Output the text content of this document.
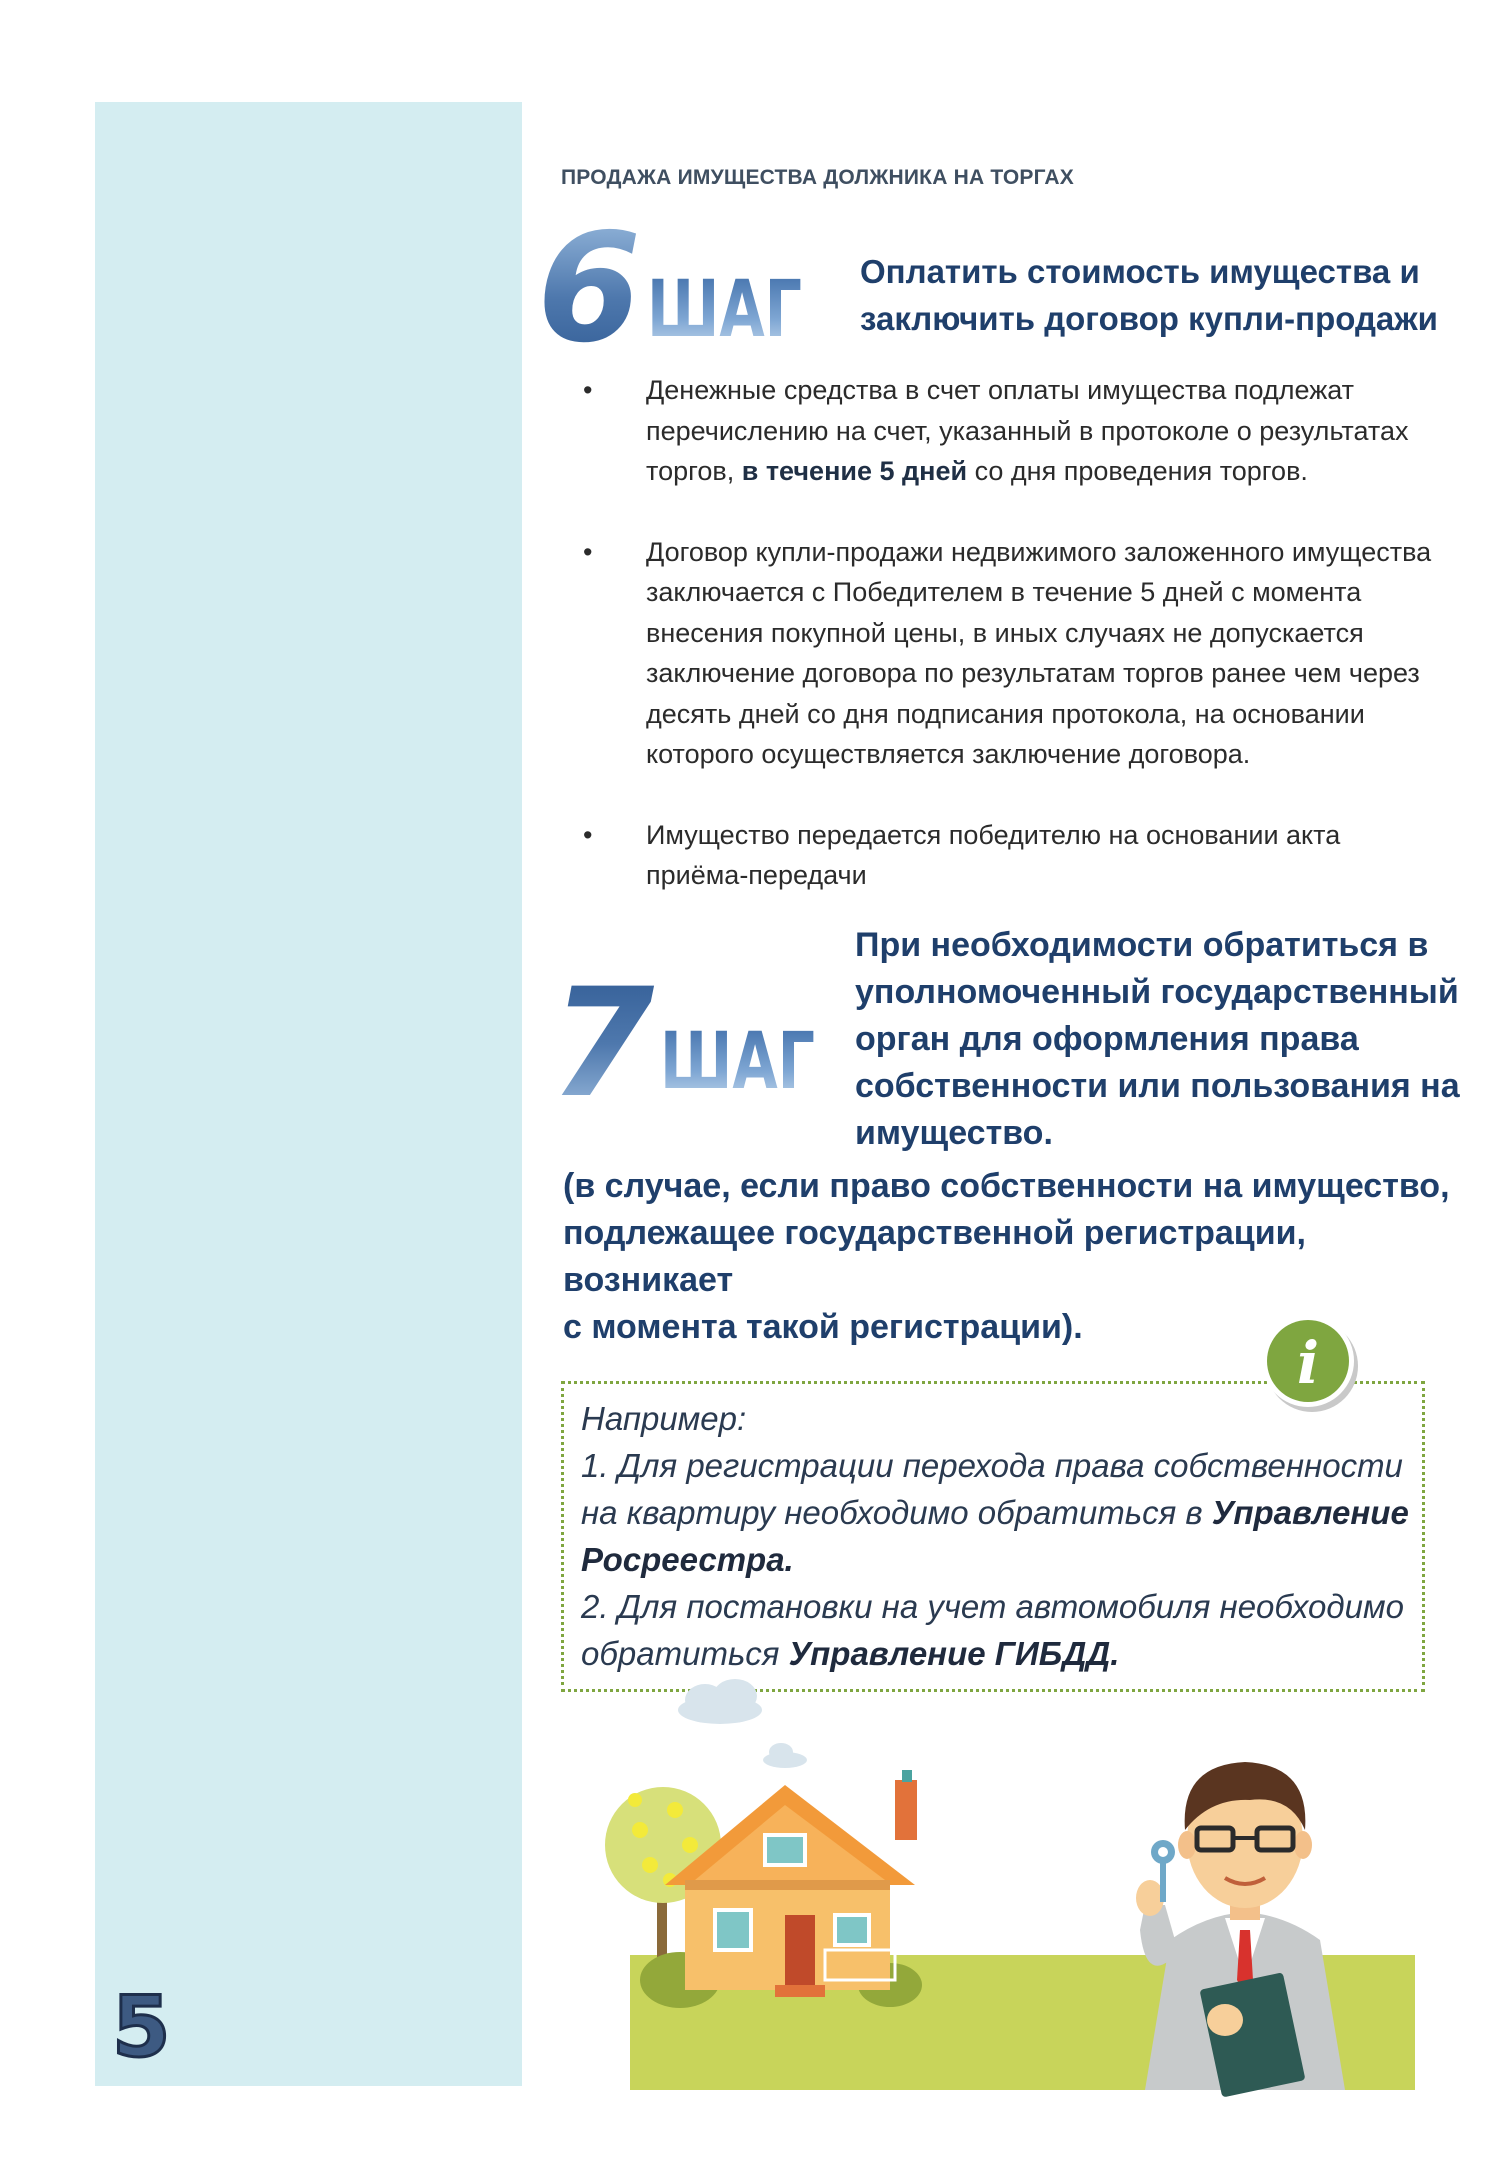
5
ПРОДАЖА ИМУЩЕСТВА ДОЛЖНИКА НА ТОРГАХ
6 ШАГ Оплатить стоимость имущества и
заключить договор купли-продажи
• Денежные средства в счет оплаты имущества подлежат
перечислению на счет, указанный в протоколе о результатах
торгов, в течение 5 дней со дня проведения торгов.
• Договор купли-продажи недвижимого заложенного имущества
заключается с Победителем в течение 5 дней с момента
внесения покупной цены, в иных случаях не допускается
заключение договора по результатам торгов ранее чем через
десять дней со дня подписания протокола, на основании
которого осуществляется заключение договора.
• Имущество передается победителю на основании акта
приёма-передачи
7 ШАГ
При необходимости обратиться в
уполномоченный государственный
орган для оформления права
собственности или пользования на
имущество.
(в случае, если право собственности на имущество,
подлежащее государственной регистрации, возникает
с момента такой регистрации).
i
Например:
1. Для регистрации перехода права собственности
на квартиру необходимо обратиться в Управление
Росреестра.
2. Для постановки на учет автомобиля необходимо
обратиться Управление ГИБДД.
